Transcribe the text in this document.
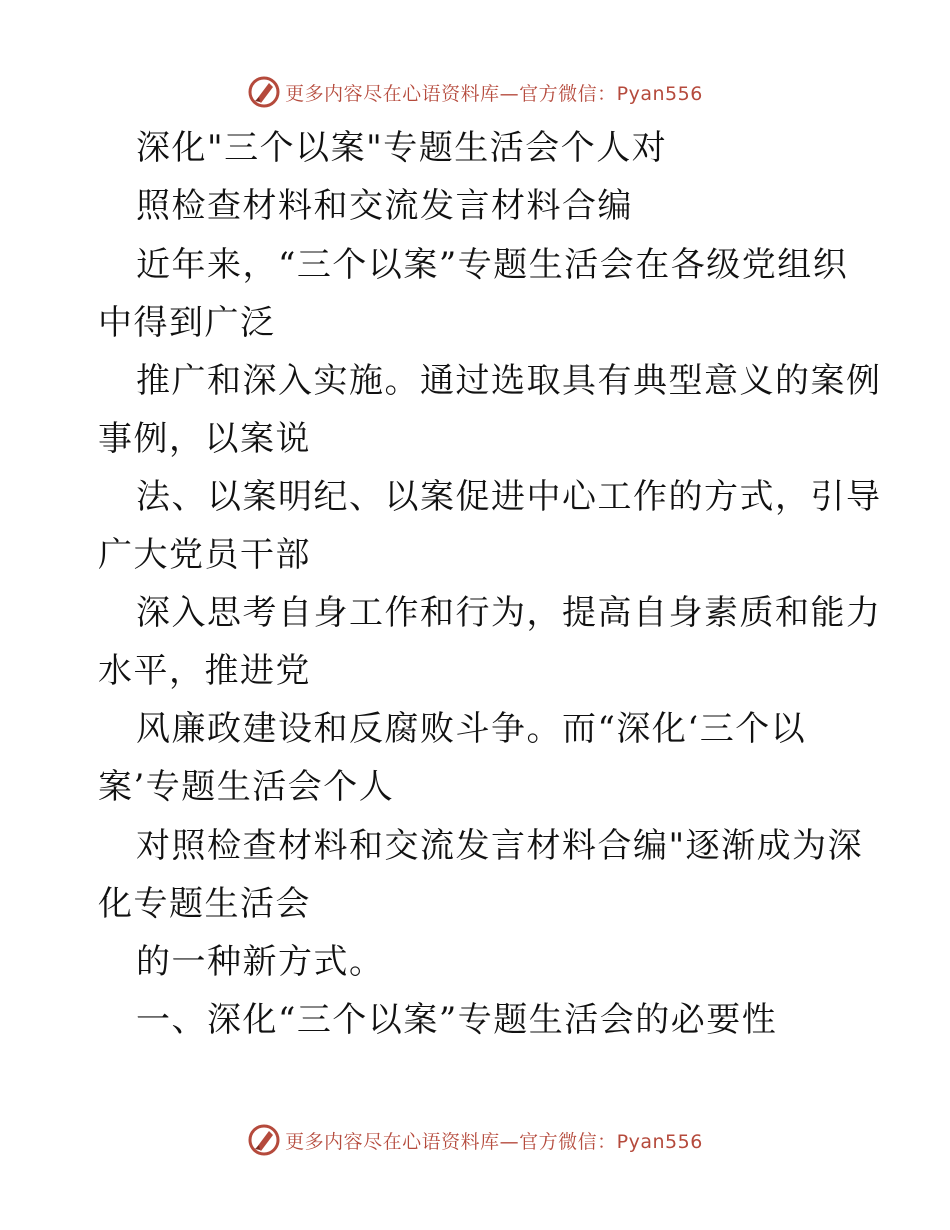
更多内容尽在心语资料库—官方微信：Pyan556
深化"三个以案"专题生活会个人对
照检查材料和交流发言材料合编
近年来，“三个以案”专题生活会在各级党组织
中得到广泛
推广和深入实施。通过选取具有典型意义的案例
事例，以案说
法、以案明纪、以案促进中心工作的方式，引导
广大党员干部
深入思考自身工作和行为，提高自身素质和能力
水平，推进党
风廉政建设和反腐败斗争。而“深化‘三个以
案’专题生活会个人
对照检查材料和交流发言材料合编"逐渐成为深
化专题生活会
的一种新方式。
一、深化“三个以案”专题生活会的必要性
更多内容尽在心语资料库—官方微信：Pyan556
